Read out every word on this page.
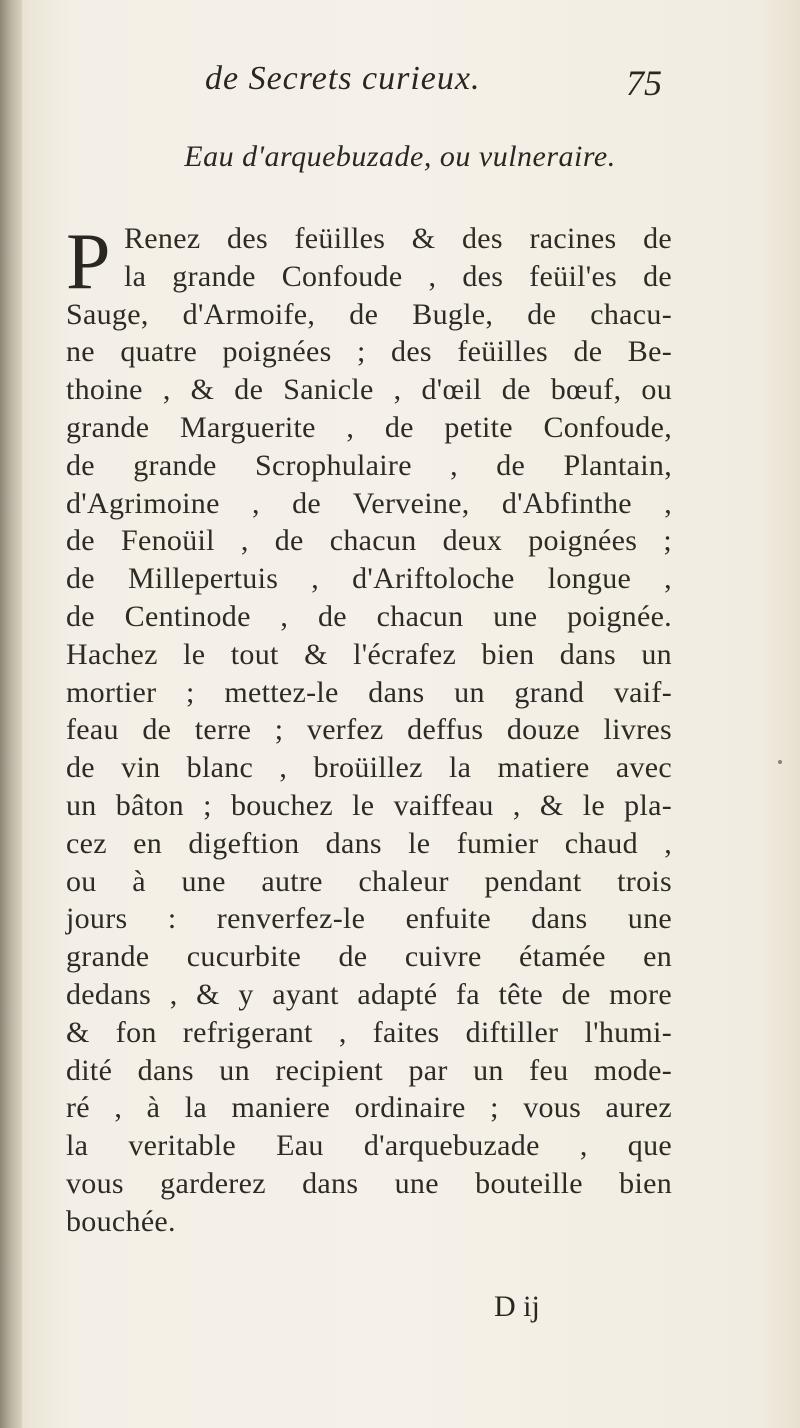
de Secrets curieux.	75
Eau d'arquebuzade, ou vulneraire.
P Renez des feüilles & des racines de
la grande Confoude , des feüil'es de
Sauge, d'Armoife, de Bugle, de chacu-
ne quatre poignées ; des feüilles de Be-
thoine , & de Sanicle , d'œil de bœuf, ou
grande Marguerite , de petite Confoude,
de grande Scrophulaire , de Plantain,
d'Agrimoine , de Verveine, d'Abfinthe ,
de Fenoüil , de chacun deux poignées ;
de Millepertuis , d'Ariftoloche longue ,
de Centinode , de chacun une poignée.
Hachez le tout & l'écrafez bien dans un
mortier ; mettez-le dans un grand vaif-
feau de terre ; verfez deffus douze livres
de vin blanc , broüillez la matiere avec
un bâton ; bouchez le vaiffeau , & le pla-
cez en digeftion dans le fumier chaud ,
ou à une autre chaleur pendant trois
jours : renverfez-le enfuite dans une
grande cucurbite de cuivre étamée en
dedans , & y ayant adapté fa tête de more
& fon refrigerant , faites diftiller l'humi-
dité dans un recipient par un feu mode-
ré , à la maniere ordinaire ; vous aurez
la veritable Eau d'arquebuzade , que
vous garderez dans une bouteille bien
bouchée.
D ij
